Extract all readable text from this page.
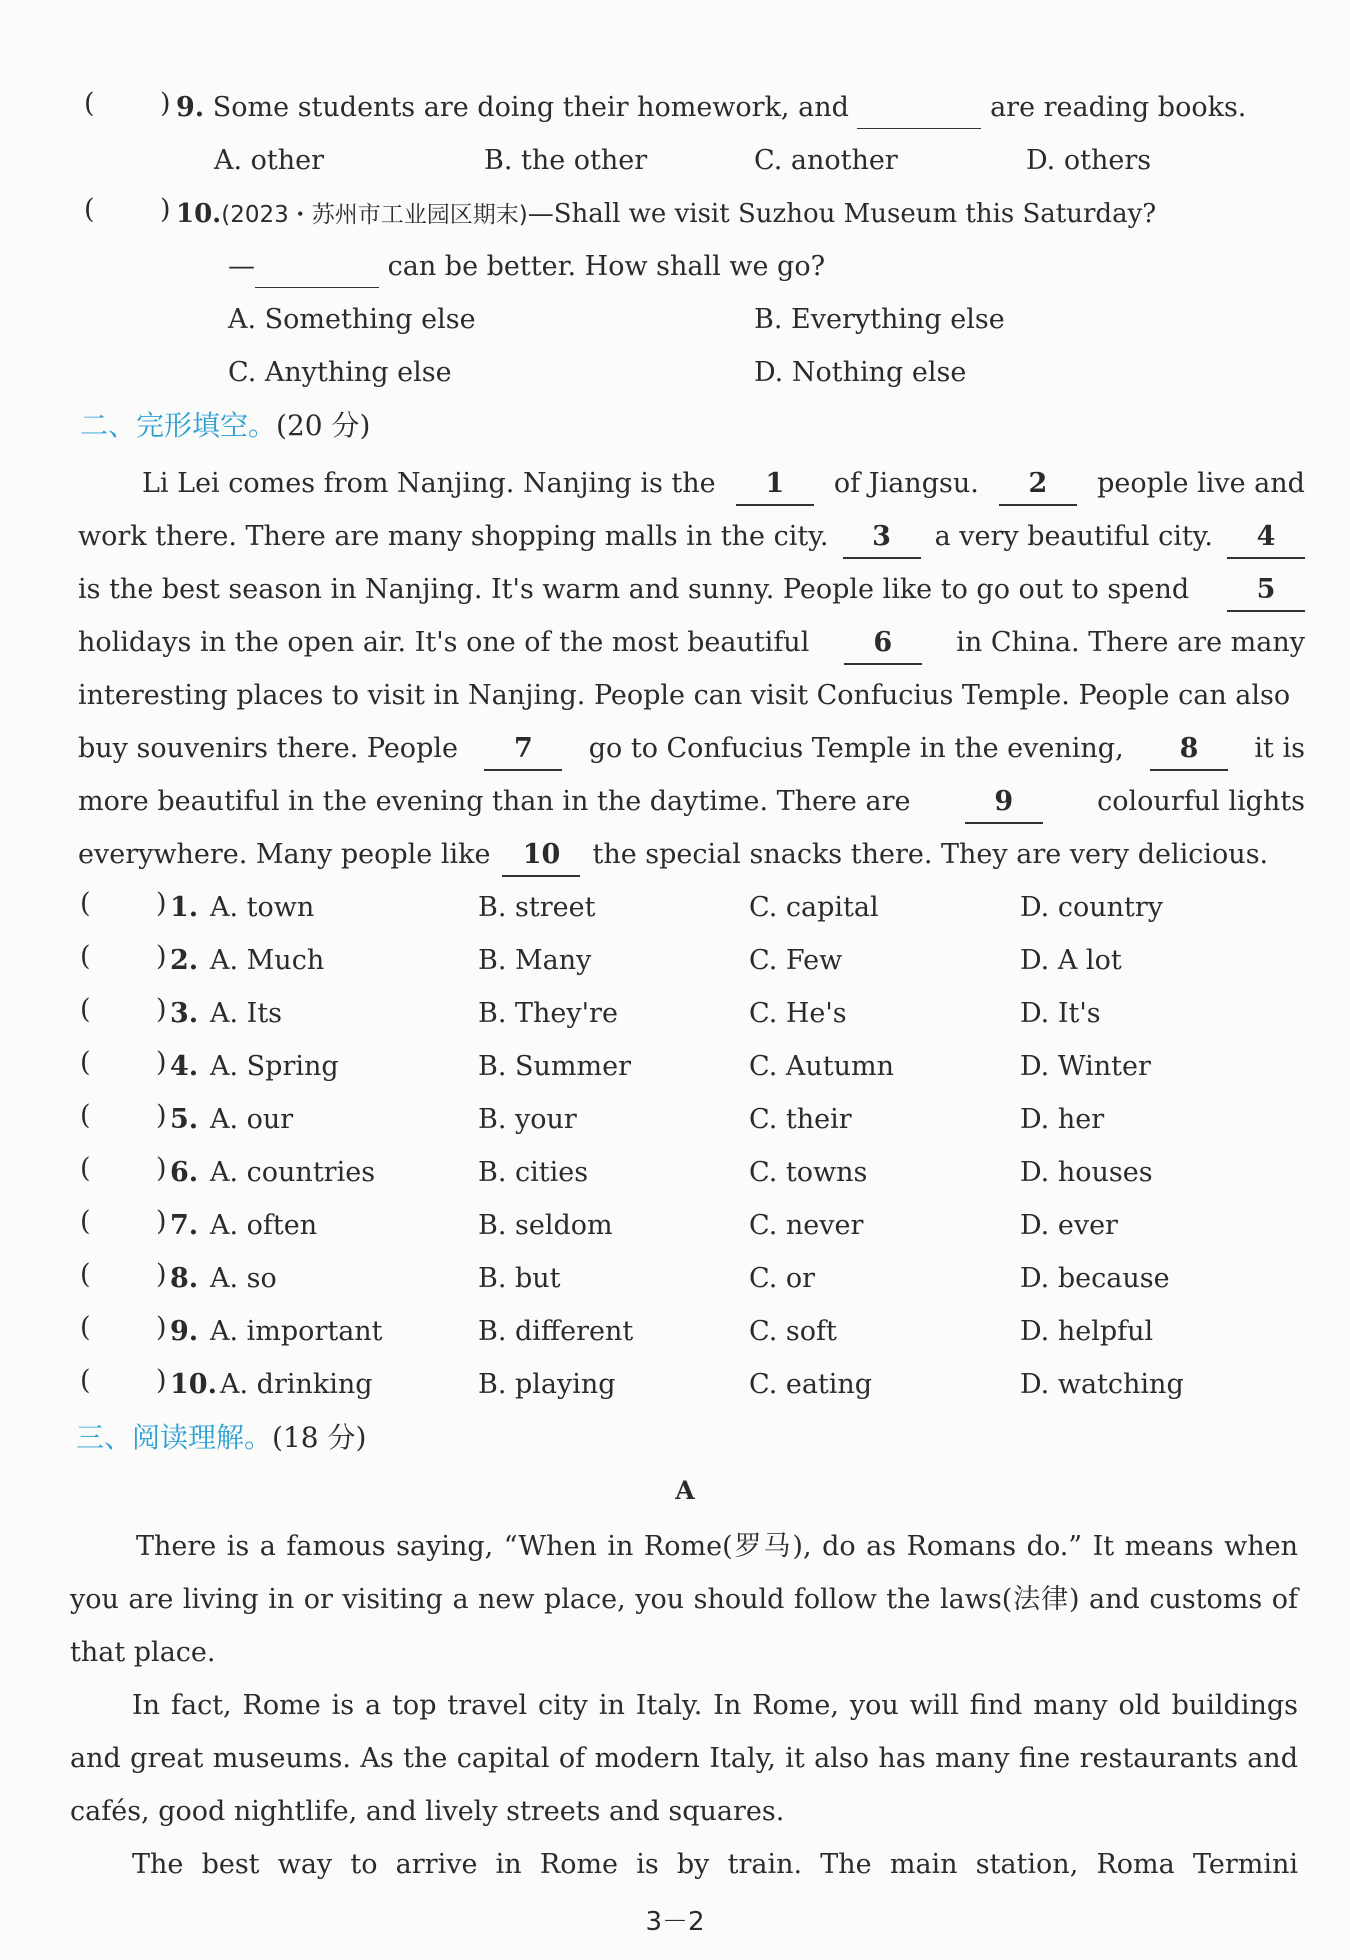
( ) 9. Some students are doing their homework, and	are reading books.
A. other	B. the other	C. another	D. others
( ) 10.(2023・苏州市工业园区期末)—Shall we visit Suzhou Museum this Saturday?
—	can be better. How shall we go?
A. Something else	B. Everything else
C. Anything else	D. Nothing else
二、完形填空。(20 分)
Li Lei comes from Nanjing. Nanjing is the	1	of Jiangsu.	2	people live and
work there. There are many shopping malls in the city.	3	a very beautiful city.	4
is the best season in Nanjing. It's warm and sunny. People like to go out to spend	5
holidays in the open air. It's one of the most beautiful	6	in China. There are many
interesting places to visit in Nanjing. People can visit Confucius Temple. People can also
buy souvenirs there. People	7	go to Confucius Temple in the evening,	8	it is
more beautiful in the evening than in the daytime. There are	9	colourful lights
everywhere. Many people like	10	the special snacks there. They are very delicious.
( ) 1. A. town	B. street	C. capital	D. country
( ) 2. A. Much	B. Many	C. Few	D. A lot
( ) 3. A. Its	B. They're	C. He's	D. It's
( ) 4. A. Spring	B. Summer	C. Autumn	D. Winter
( ) 5. A. our	B. your	C. their	D. her
( ) 6. A. countries	B. cities	C. towns	D. houses
( ) 7. A. often	B. seldom	C. never	D. ever
( ) 8. A. so	B. but	C. or	D. because
( ) 9. A. important	B. different	C. soft	D. helpful
( ) 10. A. drinking	B. playing	C. eating	D. watching
三、阅读理解。(18 分)
A
There is a famous saying, “When in Rome(罗马), do as Romans do.” It means when
you are living in or visiting a new place, you should follow the laws(法律) and customs of
that place.
In fact, Rome is a top travel city in Italy. In Rome, you will find many old buildings
and great museums. As the capital of modern Italy, it also has many fine restaurants and
cafés, good nightlife, and lively streets and squares.
The best way to arrive in Rome is by train. The main station, Roma Termini
3－2
